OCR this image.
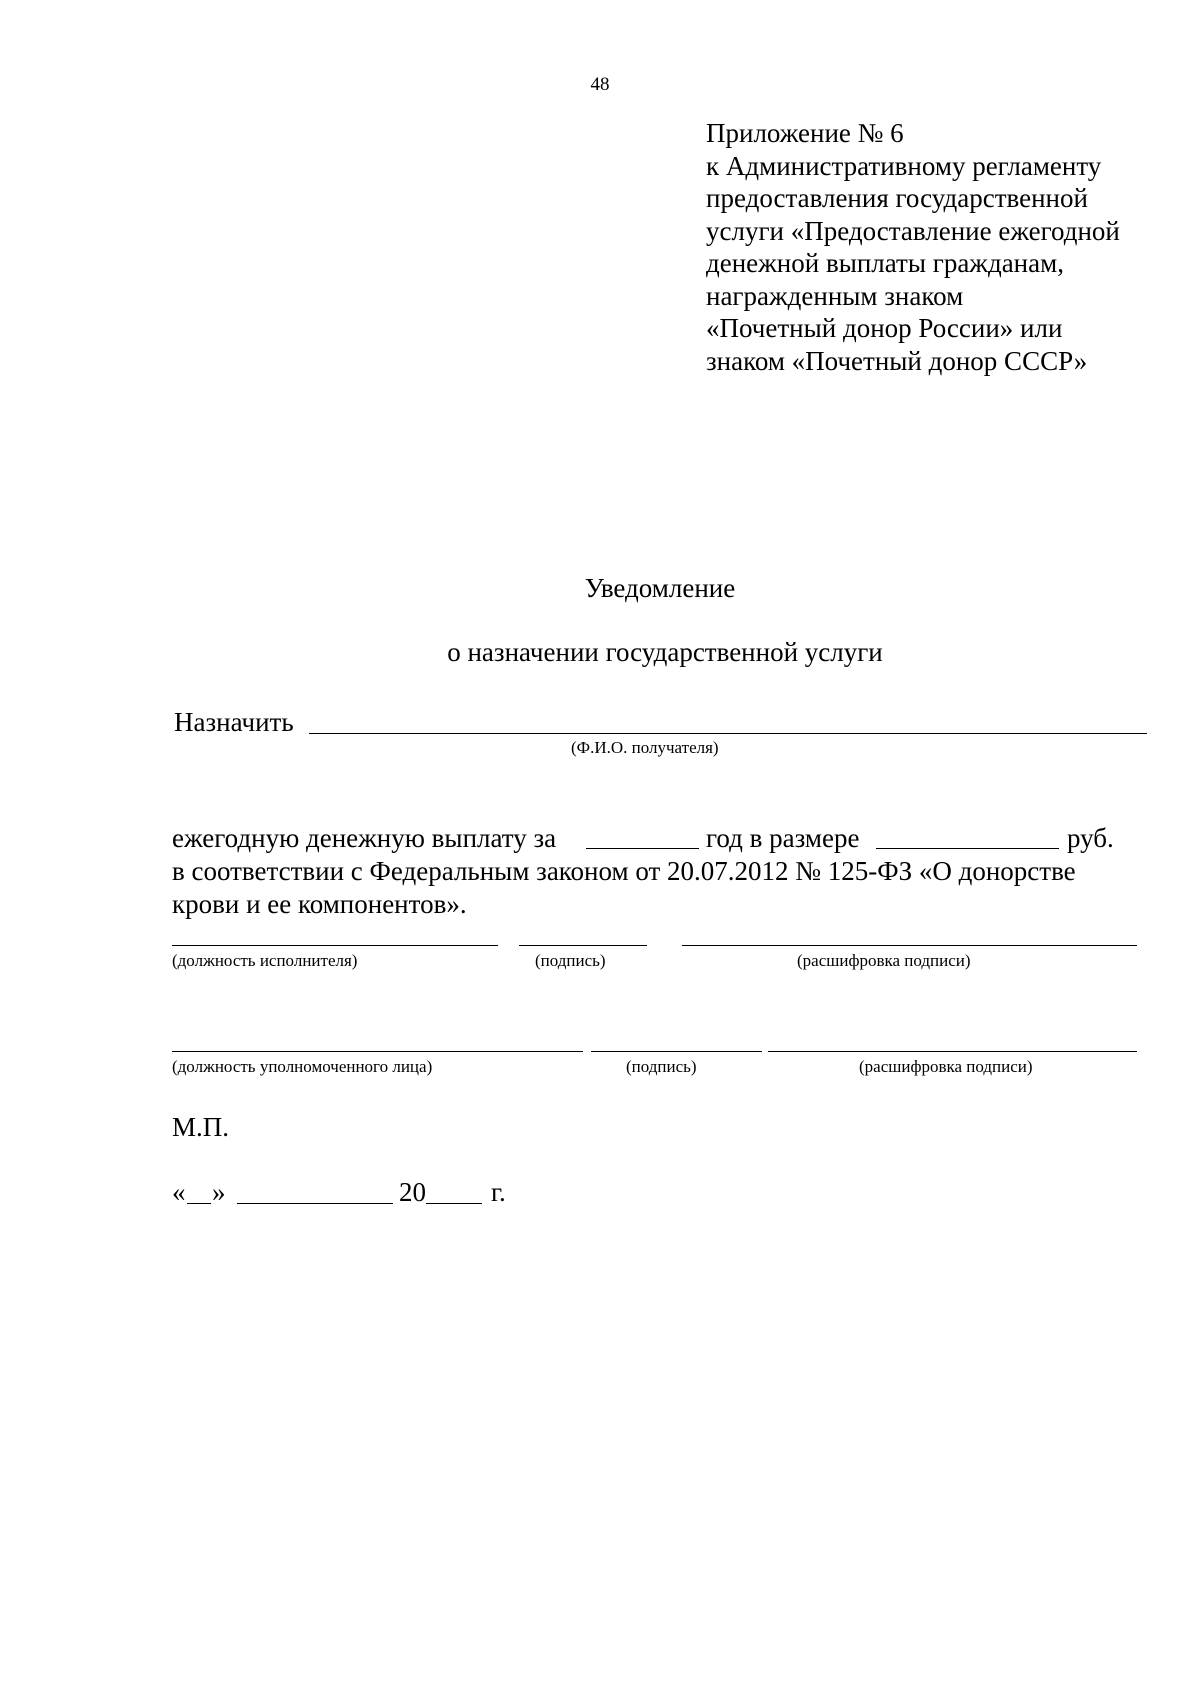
48
Приложение № 6
к Административному регламенту
предоставления государственной
услуги «Предоставление ежегодной
денежной выплаты гражданам,
награжденным знаком
«Почетный донор России» или
знаком «Почетный донор СССР»
Уведомление
о назначении государственной услуги
Назначить
(Ф.И.О. получателя)
ежегодную денежную выплату за	год в размере	руб.
в соответствии с Федеральным законом от 20.07.2012 № 125-ФЗ «О донорстве
крови и ее компонентов».
(должность исполнителя)	(подпись)	(расшифровка подписи)
(должность уполномоченного лица)	(подпись)	(расшифровка подписи)
М.П.
« »	20 г.
